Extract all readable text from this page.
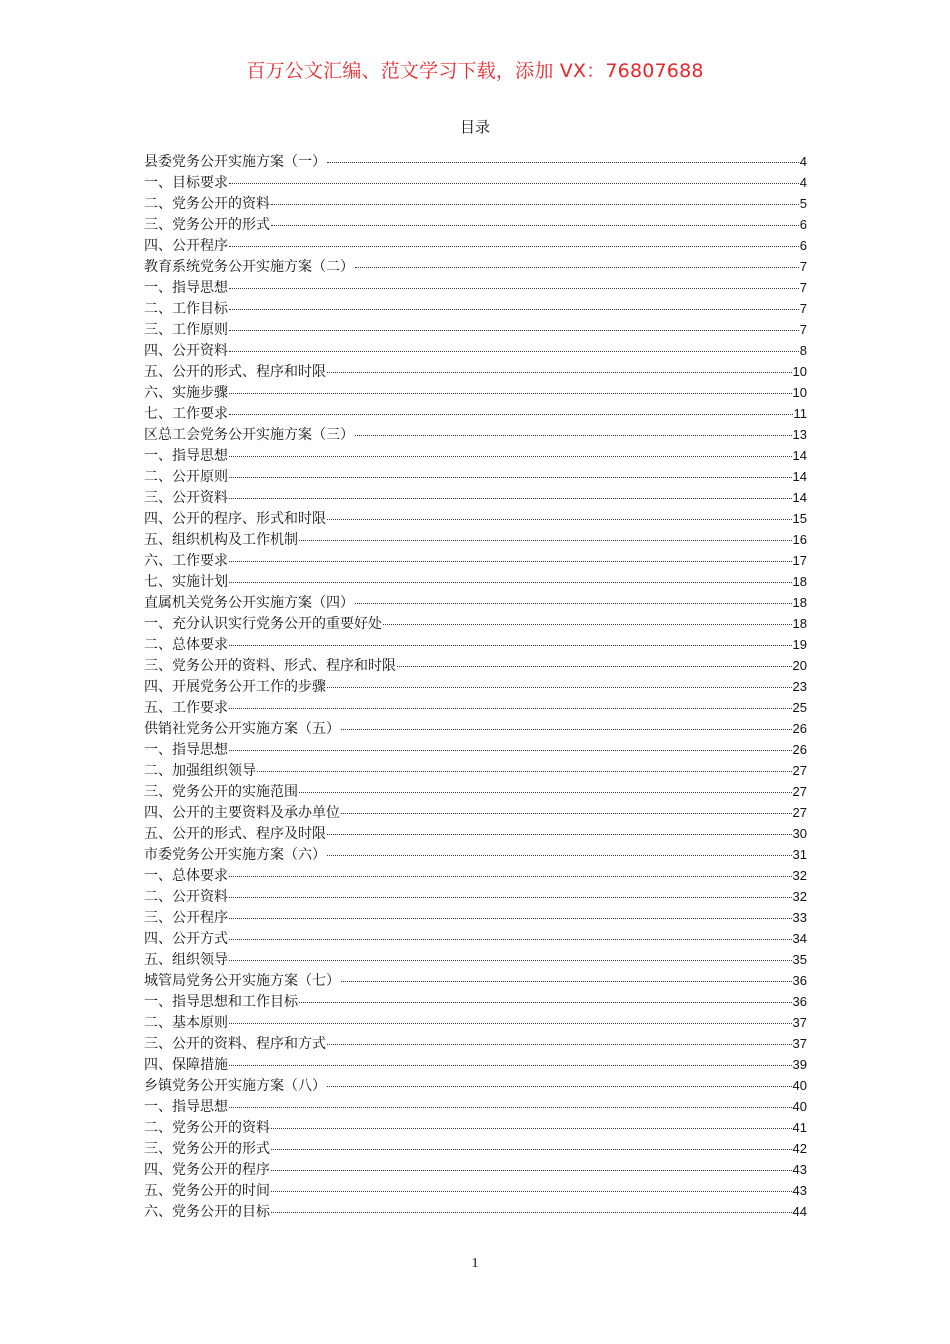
百万公文汇编、范文学习下载，添加 VX：76807688
目录
县委党务公开实施方案（一）	4
一、目标要求	4
二、党务公开的资料	5
三、党务公开的形式	6
四、公开程序	6
教育系统党务公开实施方案（二）	7
一、指导思想	7
二、工作目标	7
三、工作原则	7
四、公开资料	8
五、公开的形式、程序和时限	10
六、实施步骤	10
七、工作要求	11
区总工会党务公开实施方案（三）	13
一、指导思想	14
二、公开原则	14
三、公开资料	14
四、公开的程序、形式和时限	15
五、组织机构及工作机制	16
六、工作要求	17
七、实施计划	18
直属机关党务公开实施方案（四）	18
一、充分认识实行党务公开的重要好处	18
二、总体要求	19
三、党务公开的资料、形式、程序和时限	20
四、开展党务公开工作的步骤	23
五、工作要求	25
供销社党务公开实施方案（五）	26
一、指导思想	26
二、加强组织领导	27
三、党务公开的实施范围	27
四、公开的主要资料及承办单位	27
五、公开的形式、程序及时限	30
市委党务公开实施方案（六）	31
一、总体要求	32
二、公开资料	32
三、公开程序	33
四、公开方式	34
五、组织领导	35
城管局党务公开实施方案（七）	36
一、指导思想和工作目标	36
二、基本原则	37
三、公开的资料、程序和方式	37
四、保障措施	39
乡镇党务公开实施方案（八）	40
一、指导思想	40
二、党务公开的资料	41
三、党务公开的形式	42
四、党务公开的程序	43
五、党务公开的时间	43
六、党务公开的目标	44
1
